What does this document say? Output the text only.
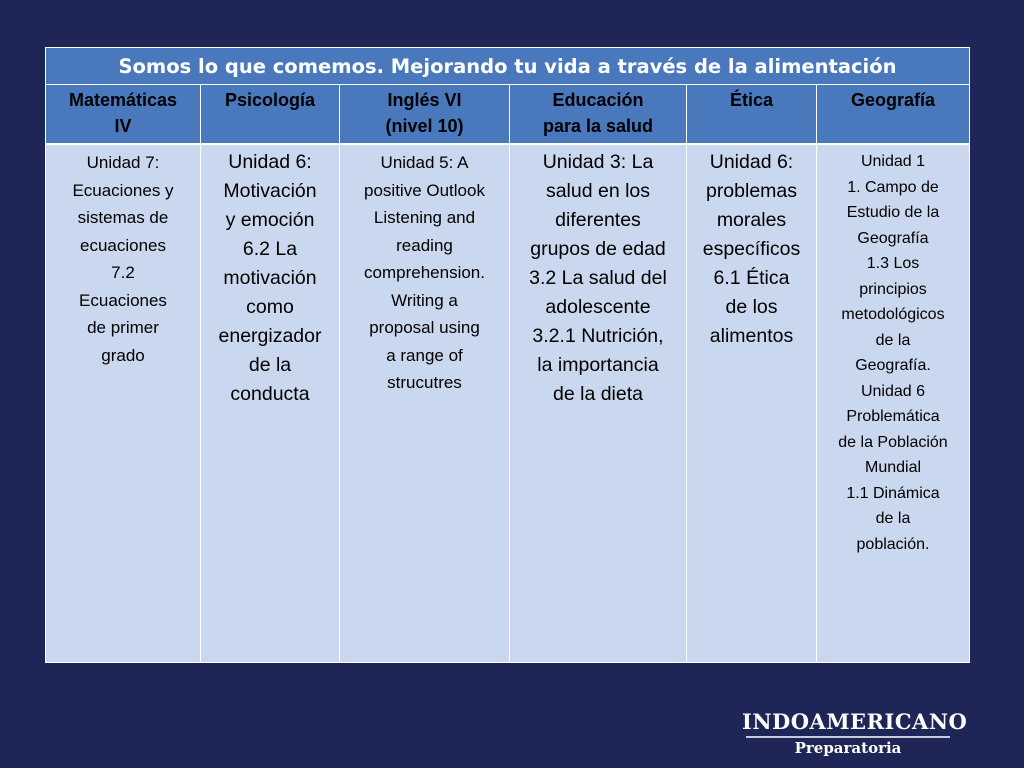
Somos lo que comemos. Mejorando tu vida a través de la alimentación
Matemáticas
IV
Psicología	Inglés VI
(nivel 10)
Educación
para la salud
Ética	Geografía
Unidad 7:
Ecuaciones y
sistemas de
ecuaciones
7.2
Ecuaciones
de primer
grado
Unidad 6:
Motivación
y emoción
6.2 La
motivación
como
energizador
de la
conducta
Unidad 5: A
positive Outlook
Listening and
reading
comprehension.
Writing a
proposal using
a range of
strucutres
Unidad 3: La
salud en los
diferentes
grupos de edad
3.2 La salud del
adolescente
3.2.1 Nutrición,
la importancia
de la dieta
Unidad 6:
problemas
morales
específicos
6.1 Ética
de los
alimentos
Unidad 1
1. Campo de
Estudio de la
Geografía
1.3 Los
principios
metodológicos
de la
Geografía.
Unidad 6
Problemática
de la Población
Mundial
1.1 Dinámica
de la
población.
INDOAMERICANO
Preparatoria
